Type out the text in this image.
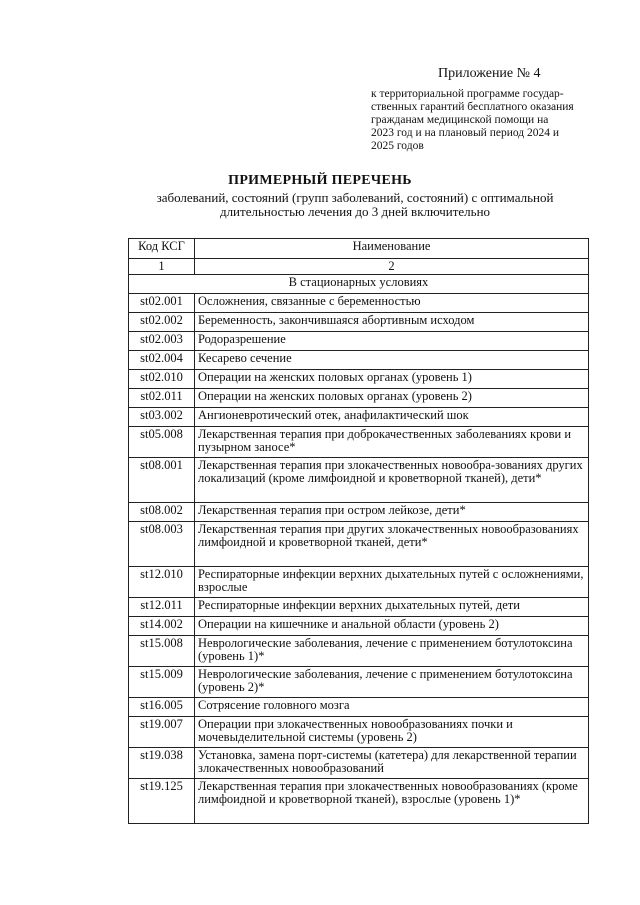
Приложение № 4
к территориальной программе государ-
ственных гарантий бесплатного оказания
гражданам медицинской помощи на
2023 год и на плановый период 2024 и
2025 годов
ПРИМЕРНЫЙ ПЕРЕЧЕНЬ
заболеваний, состояний (групп заболеваний, состояний) с оптимальной
длительностью лечения до 3 дней включительно
Код КСГ	Наименование
1	2
В стационарных условиях	
st02.001	Осложнения, связанные с беременностью
st02.002	Беременность, закончившаяся абортивным исходом
st02.003	Родоразрешение
st02.004	Кесарево сечение
st02.010	Операции на женских половых органах (уровень 1)
st02.011	Операции на женских половых органах (уровень 2)
st03.002	Ангионевротический отек, анафилактический шок
st05.008	Лекарственная терапия при доброкачественных заболеваниях крови и пузырном заносе*
st08.001	Лекарственная терапия при злокачественных новообра-зованиях других локализаций (кроме лимфоидной и кроветворной тканей), дети*
st08.002	Лекарственная терапия при остром лейкозе, дети*
st08.003	Лекарственная терапия при других злокачественных новообразованиях лимфоидной и кроветворной тканей, дети*
st12.010	Респираторные инфекции верхних дыхательных путей с осложнениями, взрослые
st12.011	Респираторные инфекции верхних дыхательных путей, дети
st14.002	Операции на кишечнике и анальной области (уровень 2)
st15.008	Неврологические заболевания, лечение с применением ботулотоксина (уровень 1)*
st15.009	Неврологические заболевания, лечение с применением ботулотоксина (уровень 2)*
st16.005	Сотрясение головного мозга
st19.007	Операции при злокачественных новообразованиях почки и мочевыделительной системы (уровень 2)
st19.038	Установка, замена порт-системы (катетера) для лекарственной терапии злокачественных новообразований
st19.125	Лекарственная терапия при злокачественных новообразованиях (кроме лимфоидной и кроветворной тканей), взрослые (уровень 1)*
